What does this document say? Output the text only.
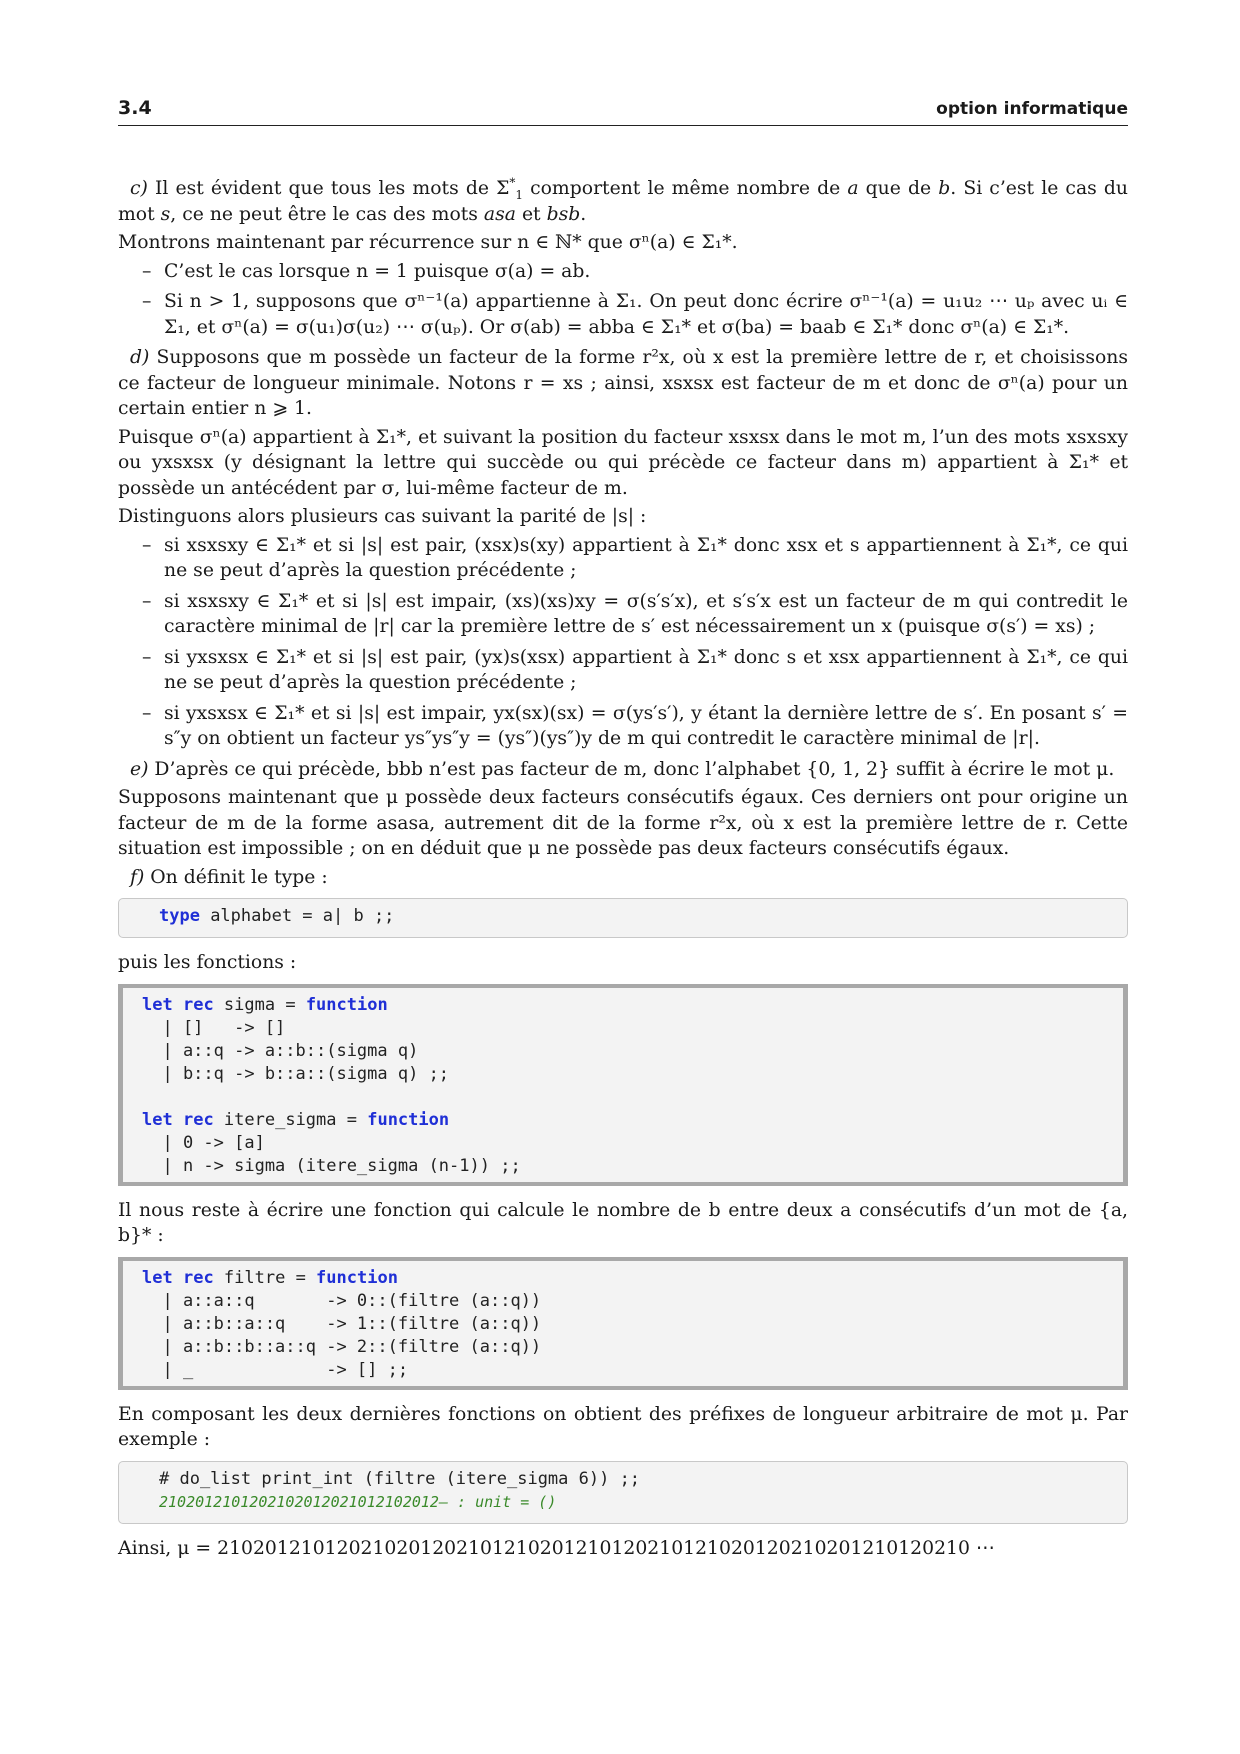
3.4	option informatique

c) Il est évident que tous les mots de $\Sigma^*_1$ comportent le même nombre de a que de b. Si c’est le cas du mot s, ce ne peut être le cas des mots asa et bsb.

Montrons maintenant par récurrence sur n ∈ ℕ* que σⁿ(a) ∈ Σ₁*.

– C’est le cas lorsque n = 1 puisque σ(a) = ab.
– Si n > 1, supposons que σⁿ⁻¹(a) appartienne à Σ₁. On peut donc écrire σⁿ⁻¹(a) = u₁u₂ ⋯ uₚ avec uᵢ ∈ Σ₁, et σⁿ(a) = σ(u₁)σ(u₂) ⋯ σ(uₚ). Or σ(ab) = abba ∈ Σ₁* et σ(ba) = baab ∈ Σ₁* donc σⁿ(a) ∈ Σ₁*.

d) Supposons que m possède un facteur de la forme r²x, où x est la première lettre de r, et choisissons ce facteur de longueur minimale. Notons r = xs ; ainsi, xsxsx est facteur de m et donc de σⁿ(a) pour un certain entier n ⩾ 1.

Puisque σⁿ(a) appartient à Σ₁*, et suivant la position du facteur xsxsx dans le mot m, l’un des mots xsxsxy ou yxsxsx (y désignant la lettre qui succède ou qui précède ce facteur dans m) appartient à Σ₁* et possède un antécédent par σ, lui-même facteur de m.

Distinguons alors plusieurs cas suivant la parité de |s| :

– si xsxsxy ∈ Σ₁* et si |s| est pair, (xsx)s(xy) appartient à Σ₁* donc xsx et s appartiennent à Σ₁*, ce qui ne se peut d’après la question précédente ;
– si xsxsxy ∈ Σ₁* et si |s| est impair, (xs)(xs)xy = σ(s′s′x), et s′s′x est un facteur de m qui contredit le caractère minimal de |r| car la première lettre de s′ est nécessairement un x (puisque σ(s′) = xs) ;
– si yxsxsx ∈ Σ₁* et si |s| est pair, (yx)s(xsx) appartient à Σ₁* donc s et xsx appartiennent à Σ₁*, ce qui ne se peut d’après la question précédente ;
– si yxsxsx ∈ Σ₁* et si |s| est impair, yx(sx)(sx) = σ(ys′s′), y étant la dernière lettre de s′. En posant s′ = s″y on obtient un facteur ys″ys″y = (ys″)(ys″)y de m qui contredit le caractère minimal de |r|.

e) D’après ce qui précède, bbb n’est pas facteur de m, donc l’alphabet {0, 1, 2} suffit à écrire le mot μ.

Supposons maintenant que μ possède deux facteurs consécutifs égaux. Ces derniers ont pour origine un facteur de m de la forme asasa, autrement dit de la forme r²x, où x est la première lettre de r. Cette situation est impossible ; on en déduit que μ ne possède pas deux facteurs consécutifs égaux.

f) On définit le type :

type alphabet = a| b ;;

puis les fonctions :

let rec sigma = function
| []   -> []
| a::q -> a::b::(sigma q)
| b::q -> b::a::(sigma q) ;;

let rec itere_sigma = function
| 0 -> [a]
| n -> sigma (itere_sigma (n-1)) ;;

Il nous reste à écrire une fonction qui calcule le nombre de b entre deux a consécutifs d’un mot de {a, b}* :

let rec filtre = function
| a::a::q       -> 0::(filtre (a::q))
| a::b::a::q    -> 1::(filtre (a::q))
| a::b::b::a::q -> 2::(filtre (a::q))
| _             -> [] ;;

En composant les deux dernières fonctions on obtient des préfixes de longueur arbitraire de mot μ. Par exemple :

# do_list print_int (filtre (itere_sigma 6)) ;;
2102012101202102012021012102012– : unit = ()

Ainsi, μ = 210201210120210201202101210201210120210121020120210201210120210 ⋯
